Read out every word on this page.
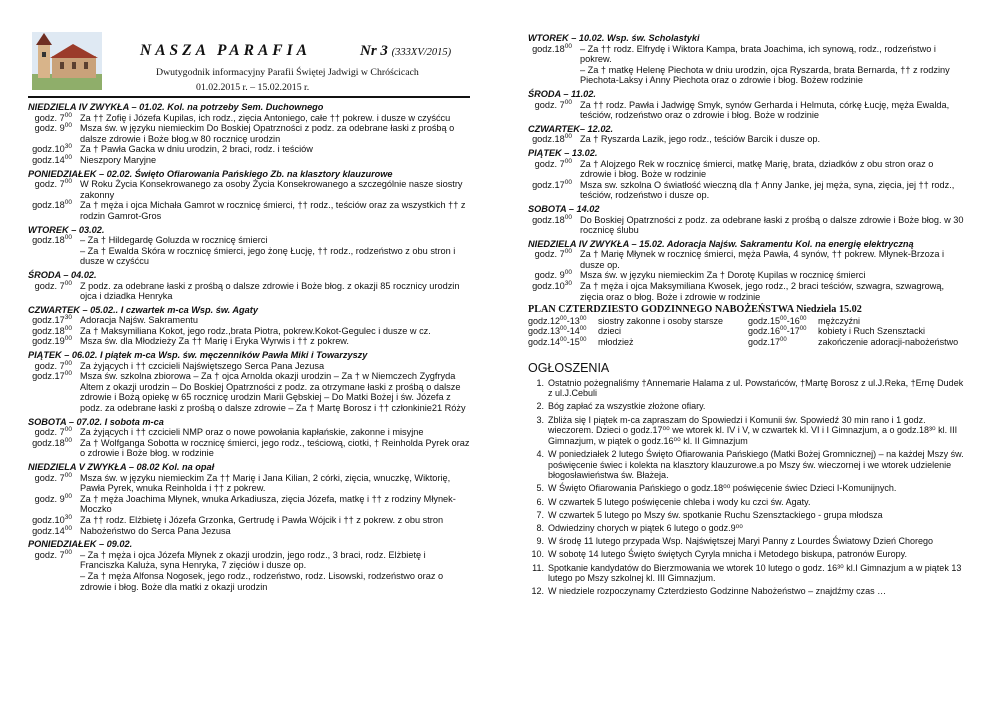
NASZA PARAFIA	Nr 3 (333XV/2015)
Dwutygodnik informacyjny Parafii Świętej Jadwigi w Chróścicach
01.02.2015 r. – 15.02.2015 r.
NIEDZIELA IV ZWYKŁA – 01.02. Kol. na potrzeby Sem. Duchownego
godz. $7^{00}$ Za †† Zofię i Józefa Kupilas, ich rodz., zięcia Antoniego, całe †† pokrew. i dusze w czyśćcu
godz. $9^{00}$ Msza św. w języku niemieckim Do Boskiej Opatrzności z podz. za odebrane łaski z prośbą o dalsze zdrowie i Boże błog.w 80 rocznicę urodzin
$godz.10^{30}$ Za † Pawła Gacka w dniu urodzin, 2 braci, rodz. i teściów
$godz.14^{00}$ Nieszpory Maryjne
PONIEDZIAŁEK – 02.02. Święto Ofiarowania Pańskiego Zb. na klasztory klauzurowe
godz. $7^{00}$ W Roku Życia Konsekrowanego za osoby Życia Konsekrowanego a szczególnie nasze siostry zakonny
$godz.18^{00}$ Za † męża i ojca Michała Gamrot w rocznicę śmierci, †† rodz., teściów oraz za wszystkich †† z rodzin Gamrot-Gros
WTOREK – 03.02.
$godz.18^{00}$ – Za † Hildegardę Goluzda w rocznicę śmierci
– Za † Ewalda Skóra w rocznicę śmierci, jego żonę Łucję, †† rodz., rodzeństwo z obu stron i dusze w czyśćcu
ŚRODA – 04.02.
godz. $7^{00}$ Z podz. za odebrane łaski z prośbą o dalsze zdrowie i Boże błog. z okazji 85 rocznicy urodzin ojca i dziadka Henryka
CZWARTEK – 05.02.. I czwartek m-ca Wsp. św. Agaty
$godz.17^{30}$ Adoracja Najśw. Sakramentu
$godz.18^{00}$ Za † Maksymiliana Kokot, jego rodz.,brata Piotra, pokrew.Kokot-Gegulec i dusze w cz.
$godz.19^{00}$ Msza św. dla Młodzieży Za †† Marię i Eryka Wyrwis i †† z pokrew.
PIĄTEK – 06.02. I piątek m-ca Wsp. św. męczenników Pawła Miki i Towarzyszy
godz. $7^{00}$ Za żyjących i †† czcicieli Najświętszego Serca Pana Jezusa
$godz.17^{00}$ Msza św. szkolna zbiorowa – Za † ojca Arnolda okazji urodzin – Za † w Niemczech Zygfryda Altem z okazji urodzin – Do Boskiej Opatrzności z podz. za otrzymane łaski z prośbą o dalsze zdrowie i Bożą opiekę w 65 rocznicę urodzin Marii Gębskiej – Do Matki Bożej i św. Józefa z podz. za odebrane łaski z prośbą o dalsze zdrowie – Za † Martę Borosz i †† członkinie21 Róży
SOBOTA – 07.02. I sobota m-ca
godz. $7^{00}$ Za żyjących i †† czcicieli NMP oraz o nowe powołania kapłańskie, zakonne i misyjne
$godz.18^{00}$ Za † Wolfganga Sobotta w rocznicę śmierci, jego rodz., teściową, ciotki, † Reinholda Pyrek oraz o zdrowie i Boże błog. w rodzinie
NIEDZIELA V ZWYKŁA – 08.02 Kol. na opał
godz. $7^{00}$ Msza św. w języku niemieckim Za †† Marię i Jana Kilian, 2 córki, zięcia, wnuczkę, Wiktorię, Pawła Pyrek, wnuka Reinholda i †† z pokrew.
godz. $9^{00}$ Za † męża Joachima Młynek, wnuka Arkadiusza, zięcia Józefa, matkę i †† z rodziny Młynek-Moczko
$godz.10^{30}$ Za †† rodz. Elżbietę i Józefa Grzonka, Gertrudę i Pawła Wójcik i †† z pokrew. z obu stron
$godz.14^{00}$ Nabożeństwo do Serca Pana Jezusa
PONIEDZIAŁEK – 09.02.
godz. $7^{00}$ – Za † męża i ojca Józefa Młynek z okazji urodzin, jego rodz., 3 braci, rodz. Elżbietę i Franciszka Kaluża, syna Henryka, 7 zięciów i dusze op.
– Za † męża Alfonsa Nogosek, jego rodz., rodzeństwo, rodz. Lisowski, rodzeństwo oraz o zdrowie i błog. Boże dla matki z okazji urodzin
WTOREK – 10.02. Wsp. św. Scholastyki
$godz.18^{00}$ – Za †† rodz. Elfrydę i Wiktora Kampa, brata Joachima, ich synową, rodz., rodzeństwo i pokrew.
– Za † matkę Helenę Piechota w dniu urodzin, ojca Ryszarda, brata Bernarda, †† z rodziny Piechota-Laksy i Anny Piechota oraz o zdrowie i błog. Bożew rodzinie
ŚRODA – 11.02.
godz. $7^{00}$ Za †† rodz. Pawła i Jadwigę Smyk, synów Gerharda i Helmuta, córkę Łucję, męża Ewalda, teściów, rodzeństwo oraz o zdrowie i błog. Boże w rodzinie
CZWARTEK– 12.02.
$godz.18^{00}$ Za † Ryszarda Lazik, jego rodz., teściów Barcik i dusze op.
PIĄTEK – 13.02.
godz. $7^{00}$ Za † Alojzego Rek w rocznicę śmierci, matkę Marię, brata, dziadków z obu stron oraz o zdrowie i błog. Boże w rodzinie
$godz.17^{00}$ Msza sw. szkolna O światłość wieczną dla † Anny Janke, jej męża, syna, zięcia, jej †† rodz., teściów, rodzeństwo i dusze op.
SOBOTA – 14.02
$godz.18^{00}$ Do Boskiej Opatrzności z podz. za odebrane łaski z prośbą o dalsze zdrowie i Boże błog. w 30 rocznicę ślubu
NIEDZIELA IV ZWYKŁA – 15.02. Adoracja Najśw. Sakramentu Kol. na energię elektryczną
godz. $7^{00}$ Za † Marię Młynek w rocznicę śmierci, męża Pawła, 4 synów, †† pokrew. Młynek-Brzoza i dusze op.
godz. $9^{00}$ Msza św. w języku niemieckim Za † Dorotę Kupilas w rocznicę śmierci
$godz.10^{30}$ Za † męża i ojca Maksymiliana Kwosek, jego rodz., 2 braci teściów, szwagra, szwagrową, zięcia oraz o błog. Boże i zdrowie w rodzinie
PLAN CZTERDZIESTO GODZINNEGO NABOŻEŃSTWA Niedziela 15.02
$godz.12^{00}-13^{00}$	siostry zakonne i osoby starsze	$godz.15^{00}-16^{00}$	mężczyźni
$godz.13^{00}-14^{00}$	dzieci	$godz.16^{00}-17^{00}$	kobiety i Ruch Szensztacki
$godz.14^{00}-15^{00}$	młodzież	$godz.17^{00}$	zakończenie adoracji-nabożeństwo
OGŁOSZENIA
1. Ostatnio pożegnaliśmy †Annemarie Halama z ul. Powstańców, †Martę Borosz z ul.J.Reka, †Ernę Dudek z ul.J.Cebuli
2. Bóg zapłać za wszystkie złożone ofiary.
3. Zbliża się I piątek m-ca zapraszam do Spowiedzi i Komunii św. Spowiedź 30 min rano i 1 godz. wieczorem. Dzieci o godz.17⁰⁰ we wtorek kl. IV i V, w czwartek kl. VI i I Gimnazjum, a o godz.18³⁰ kl. III Gimnazjum, w piątek o godz.16⁰⁰ kl. II Gimnazjum
4. W poniedziałek 2 lutego Święto Ofiarowania Pańskiego (Matki Bożej Gromnicznej) – na każdej Mszy św. poświęcenie świec i kolekta na klasztory klauzurowe.a po Mszy św. wieczornej i we wtorek udzielenie błogosławieństwa św. Błażeja.
5. W Święto Ofiarowania Pańskiego o godz.18⁰⁰ poświęcenie świec Dzieci I-Komunijnych.
6. W czwartek 5 lutego poświęcenie chleba i wody ku czci św. Agaty.
7. W czwartek 5 lutego po Mszy św. spotkanie Ruchu Szensztackiego - grupa młodsza
8. Odwiedziny chorych w piątek 6 lutego o godz.9⁰⁰
9. W środę 11 lutego przypada Wsp. Najświętszej Maryi Panny z Lourdes Światowy Dzień Chorego
10. W sobotę 14 lutego Święto świętych Cyryla mnicha i Metodego biskupa, patronów Europy.
11. Spotkanie kandydatów do Bierzmowania we wtorek 10 lutego o godz. 16³⁰ kl.I Gimnazjum a w piątek 13 lutego po Mszy szkolnej kl. III Gimnazjum.
12. W niedziele rozpoczynamy Czterdziesto Godzinne Nabożeństwo – znajdźmy czas …
